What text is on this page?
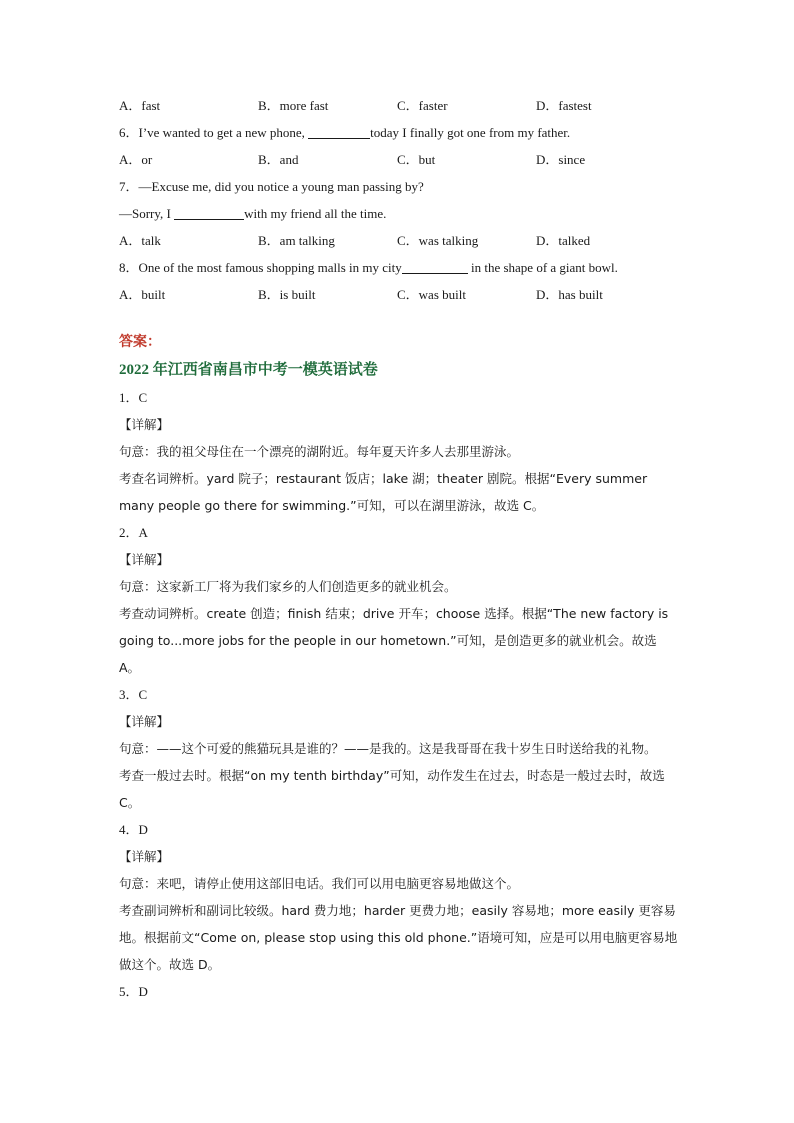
A．fast	B．more fast	C．faster	D．fastest
6．I’ve wanted to get a new phone,	today I finally got one from my father.
A．or	B．and	C．but	D．since
7．—Excuse me, did you notice a young man passing by?
—Sorry, I	with my friend all the time.
A．talk	B．am talking	C．was talking	D．talked
8．One of the most famous shopping malls in my city	in the shape of a giant bowl.
A．built	B．is built	C．was built	D．has built
答案：
2022 年江西省南昌市中考一模英语试卷
1．C
【详解】
句意：我的祖父母住在一个漂亮的湖附近。每年夏天许多人去那里游泳。
考查名词辨析。yard 院子；restaurant 饭店；lake 湖；theater 剧院。根据“Every summer many people go there for swimming.”可知，可以在湖里游泳，故选 C。
2．A
【详解】
句意：这家新工厂将为我们家乡的人们创造更多的就业机会。
考查动词辨析。create 创造；finish 结束；drive 开车；choose 选择。根据“The new factory is going to...more jobs for the people in our hometown.”可知，是创造更多的就业机会。故选 A。
3．C
【详解】
句意：——这个可爱的熊猫玩具是谁的？——是我的。这是我哥哥在我十岁生日时送给我的礼物。
考查一般过去时。根据“on my tenth birthday”可知，动作发生在过去，时态是一般过去时，故选 C。
4．D
【详解】
句意：来吧，请停止使用这部旧电话。我们可以用电脑更容易地做这个。
考查副词辨析和副词比较级。hard 费力地；harder 更费力地；easily 容易地；more easily 更容易地。根据前文“Come on, please stop using this old phone.”语境可知，应是可以用电脑更容易地做这个。故选 D。
5．D
